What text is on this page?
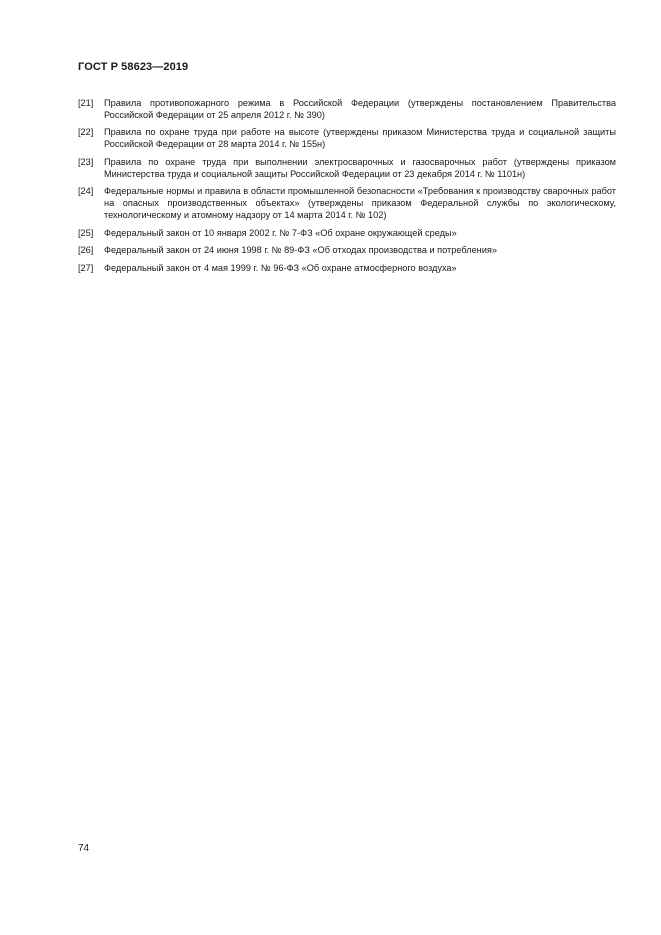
ГОСТ Р 58623—2019
[21]	Правила противопожарного режима в Российской Федерации (утверждены постановлением Правительства Российской Федерации от 25 апреля 2012 г. № 390)
[22]	Правила по охране труда при работе на высоте (утверждены приказом Министерства труда и социальной защиты Российской Федерации от 28 марта 2014 г. № 155н)
[23]	Правила по охране труда при выполнении электросварочных и газосварочных работ (утверждены приказом Министерства труда и социальной защиты Российской Федерации от 23 декабря 2014 г. № 1101н)
[24]	Федеральные нормы и правила в области промышленной безопасности «Требования к производству сварочных работ на опасных производственных объектах» (утверждены приказом Федеральной службы по экологическому, технологическому и атомному надзору от 14 марта 2014 г. № 102)
[25]	Федеральный закон от 10 января 2002 г. № 7-ФЗ «Об охране окружающей среды»
[26]	Федеральный закон от 24 июня 1998 г. № 89-ФЗ «Об отходах производства и потребления»
[27]	Федеральный закон от 4 мая 1999 г. № 96-ФЗ «Об охране атмосферного воздуха»
74
